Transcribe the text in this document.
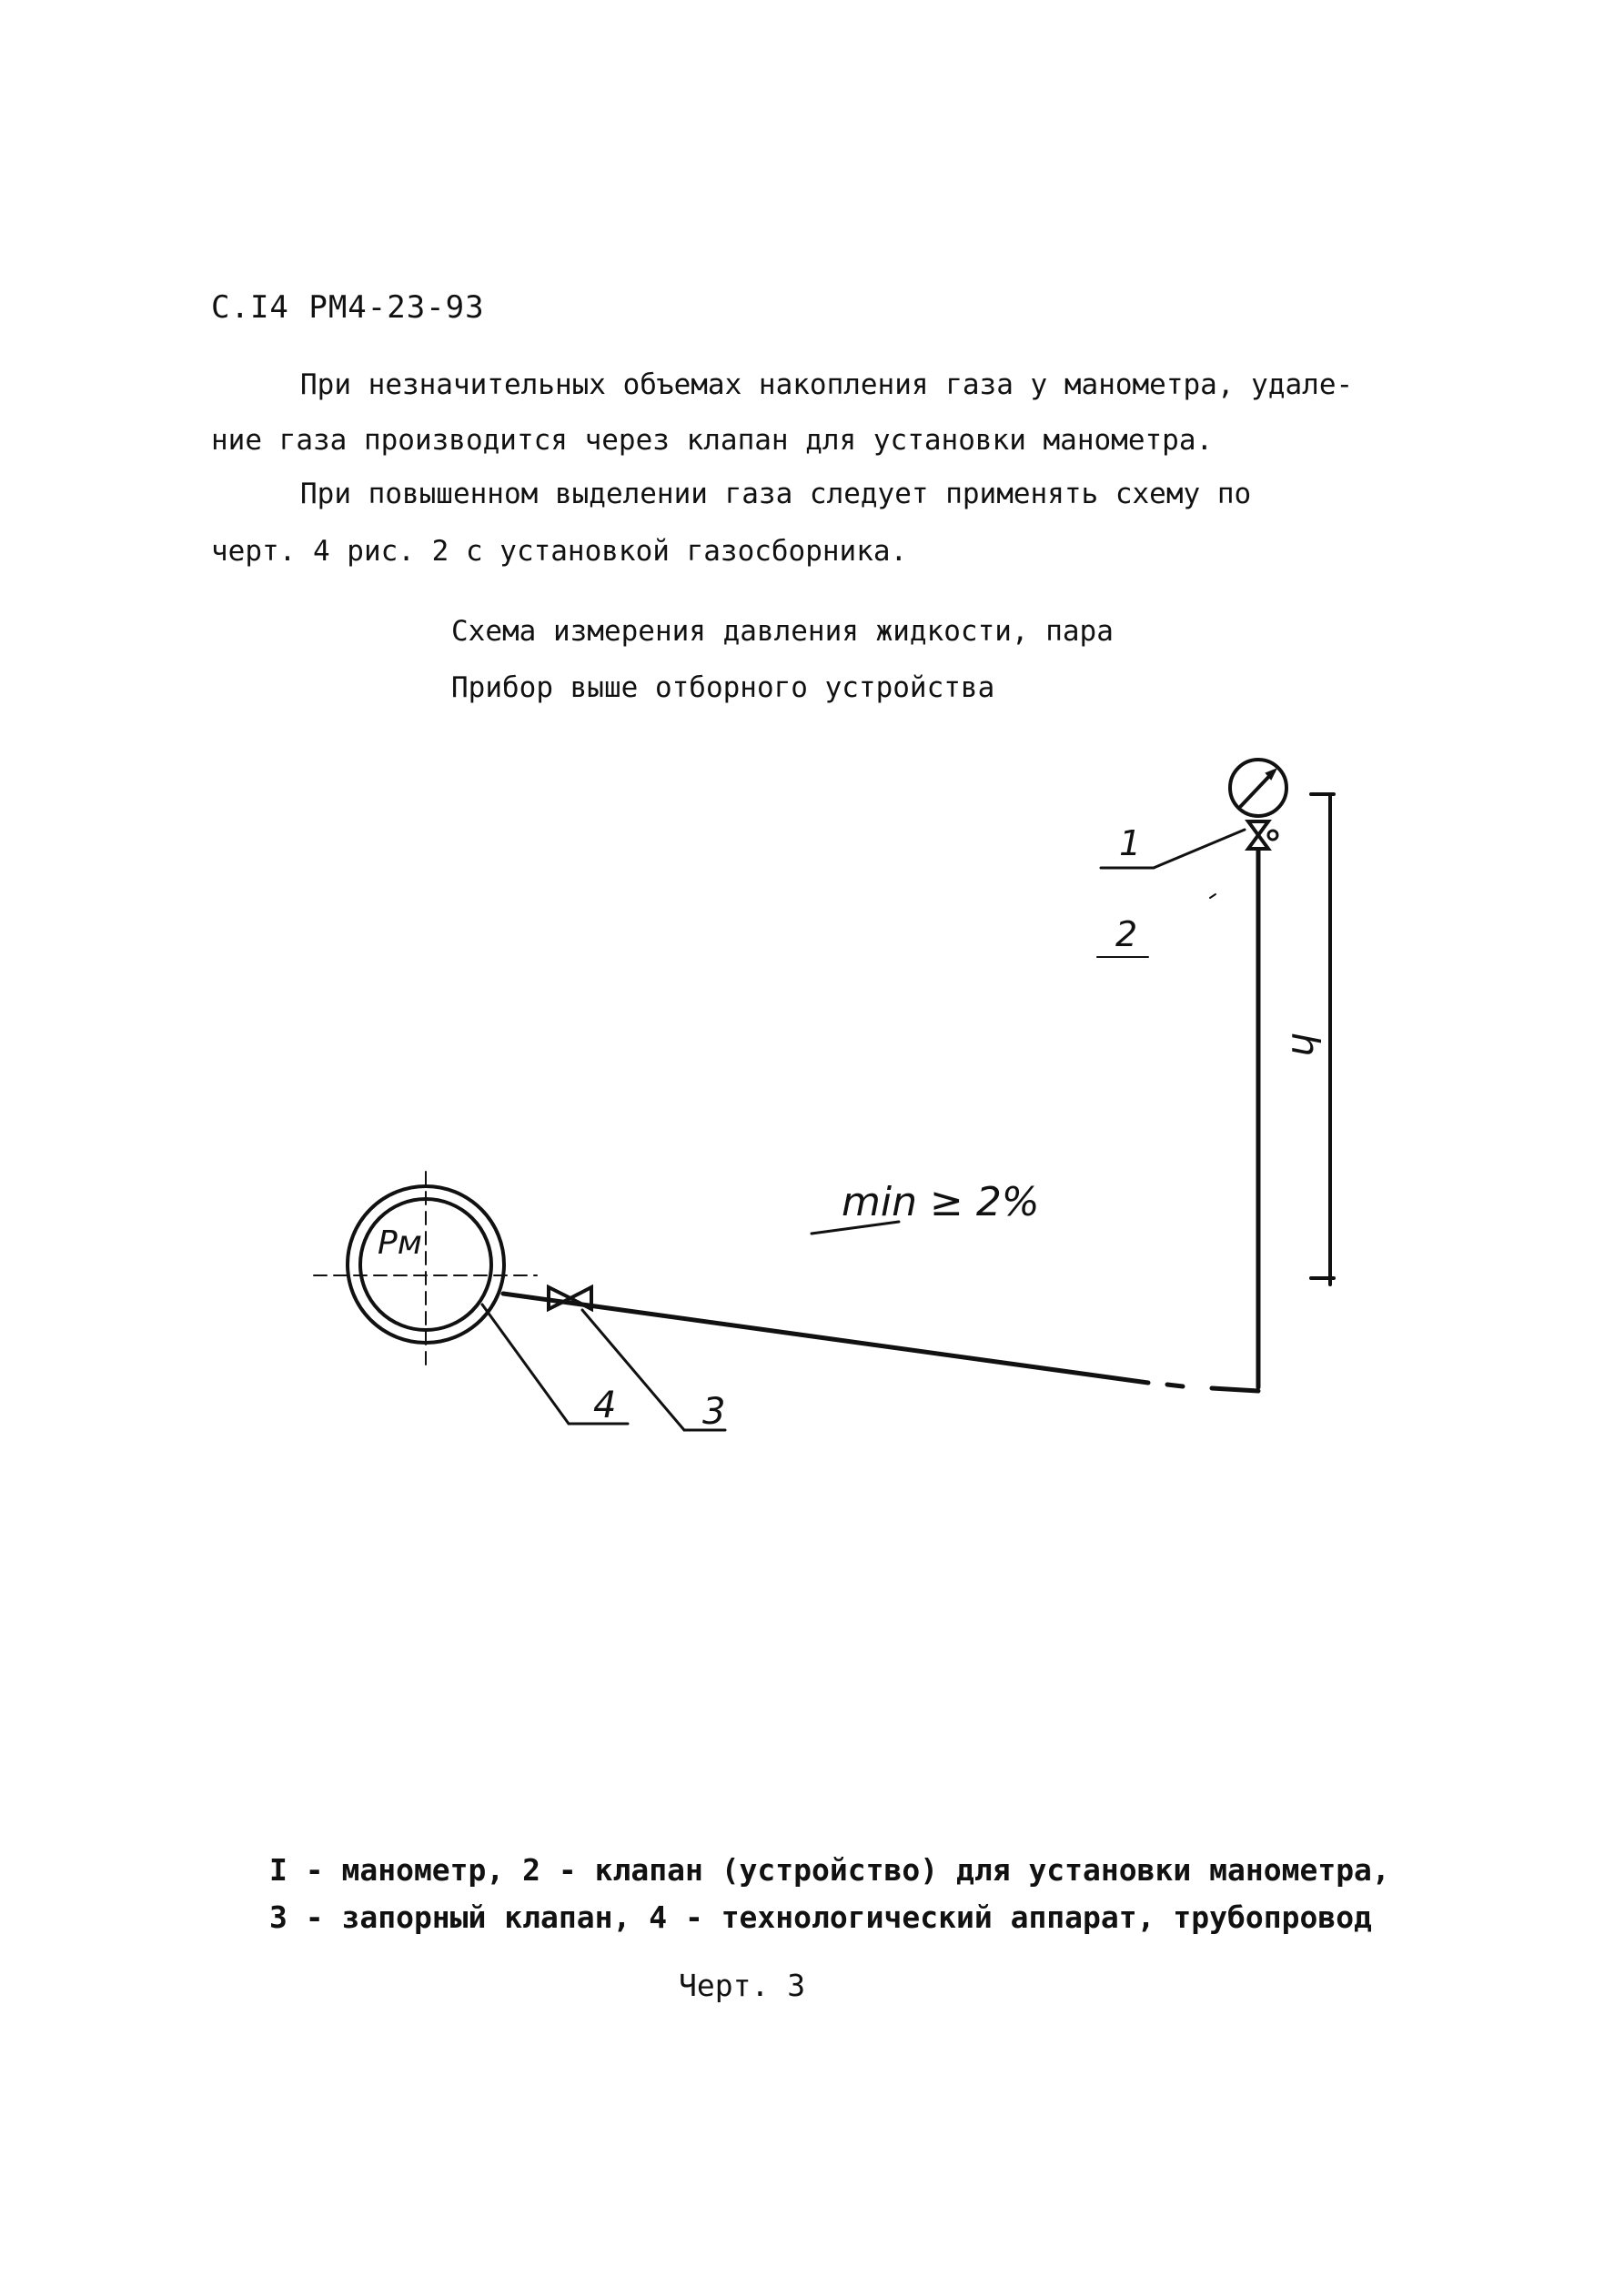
С.I4 РМ4-23-93
При незначительных объемах накопления газа у манометра, удале-
ние газа производится через клапан для установки манометра.
При повышенном выделении газа следует применять схему по
черт. 4 рис. 2 с установкой газосборника.
Схема измерения давления жидкости, пара
Прибор выше отборного устройства
1
2
4 3
Pм
min ≥ 2%
h
I - манометр, 2 - клапан (устройство) для установки манометра,
3 - запорный клапан, 4 - технологический аппарат, трубопровод
Черт. 3
